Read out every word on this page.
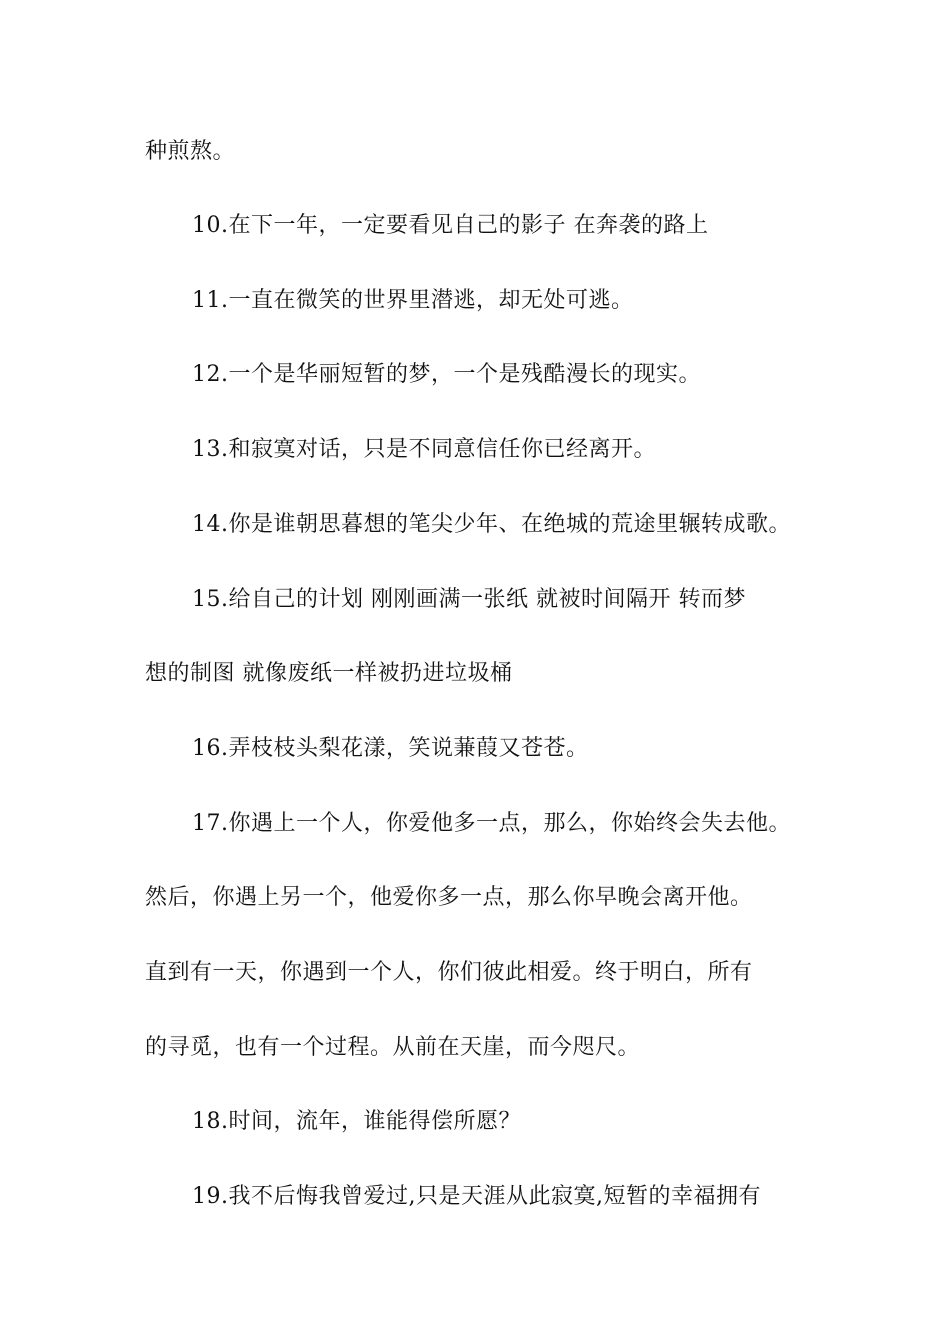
种煎熬。
10.在下一年，一定要看见自己的影子 在奔袭的路上
11.一直在微笑的世界里潜逃，却无处可逃。
12.一个是华丽短暂的梦，一个是残酷漫长的现实。
13.和寂寞对话，只是不同意信任你已经离开。
14.你是谁朝思暮想的笔尖少年、在绝城的荒途里辗转成歌。
15.给自己的计划 刚刚画满一张纸 就被时间隔开 转而梦
想的制图 就像废纸一样被扔进垃圾桶
16.弄枝枝头梨花漾，笑说蒹葭又苍苍。
17.你遇上一个人，你爱他多一点，那么，你始终会失去他。
然后，你遇上另一个，他爱你多一点，那么你早晚会离开他。
直到有一天，你遇到一个人，你们彼此相爱。终于明白，所有
的寻觅，也有一个过程。从前在天崖，而今咫尺。
18.时间，流年，谁能得偿所愿？
19.我不后悔我曾爱过,只是天涯从此寂寞,短暂的幸福拥有
